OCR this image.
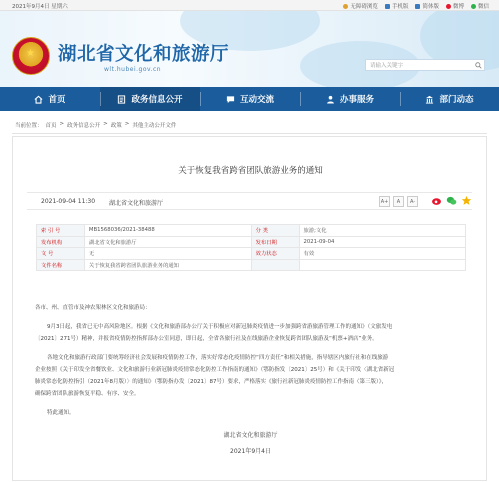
2021年9月4日 星期六	无障碍浏览	手机版	简体版	微博	微信
★ 湖北省文化和旅游厅
wlt.hubei.gov.cn	请输入关键字
首页	政务信息公开	互动交流	办事服务	部门动态
当前位置： 首页 > 政务信息公开 > 政策 > 其他主动公开文件
关于恢复我省跨省团队旅游业务的通知
2021-09-04 11:30 湖北省文化和旅游厅	A+	A	A-
索 引 号	MB1568036/2021-38488	分 类	旅游;文化
发布机构	湖北省文化和旅游厅	发布日期	2021-09-04
文 号	无	效力状态	有效
文件名称	关于恢复我省跨省团队旅游业务的通知		

各市、州、直管市及神农架林区文化和旅游局：

9月3日起，我省已无中高风险地区。根据《文化和旅游部办公厅关于积极应对新冠肺炎疫情进一步加强跨省游旅游管理工作的通知》（文旅发电

〔2021〕271号）精神，并报省疫情防控指挥部办公室同意，即日起，全省各旅行社及在线旅游企业恢复跨省团队旅游及“机票+酒店”业务。

各地文化和旅游行政部门要统筹经济社会发展和疫情防控工作，落实好常态化疫情防控“四方责任”和相关措施，指导辖区内旅行社和在线旅游

企业按照《关于印发全省餐饮业、文化和旅游行业新冠肺炎疫情常态化防控工作指南的通知》（鄂防指发〔2021〕25号）和《关于印发〈湖北省新冠

肺炎常态化防控指引（2021年8月版）〉的通知》（鄂防指办发〔2021〕87号）要求，严格落实《旅行社新冠肺炎疫情防控工作指南（第三版）》，

确保跨省团队旅游恢复平稳、有序、安全。

特此通知。

湖北省文化和旅游厅
2021年9月4日
